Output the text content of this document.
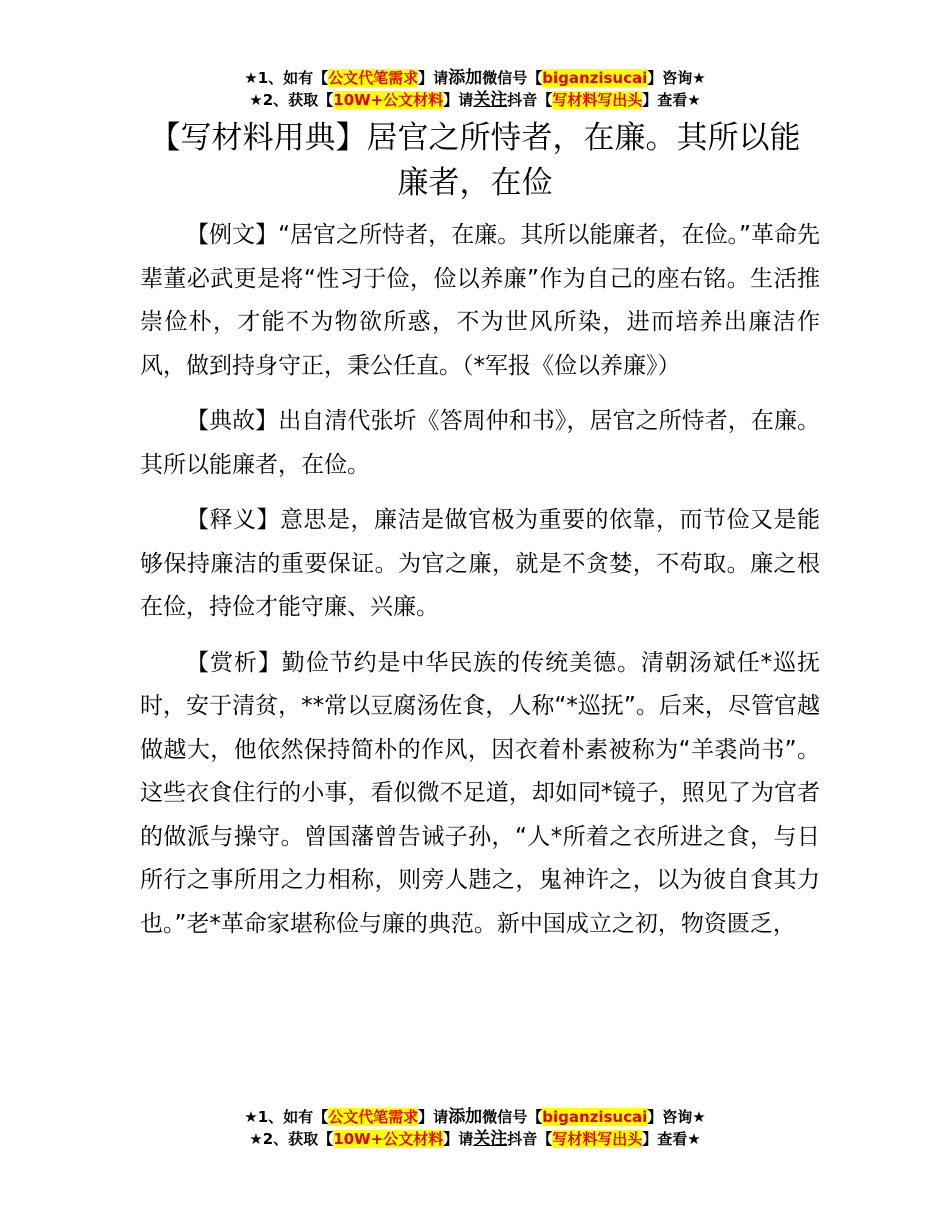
★1、如有【公文代笔需求】请添加微信号【biganzisucai】咨询★
★2、获取【10W+公文材料】请关注抖音【写材料写出头】查看★
【写材料用典】居官之所恃者，在廉。其所以能廉者，在俭

【例文】“居官之所恃者，在廉。其所以能廉者，在俭。”革命先辈董必武更是将“性习于俭，俭以养廉”作为自己的座右铭。生活推崇俭朴，才能不为物欲所惑，不为世风所染，进而培养出廉洁作风，做到持身守正，秉公任直。（*军报《俭以养廉》）

【典故】出自清代张圻《答周仲和书》，居官之所恃者，在廉。其所以能廉者，在俭。

【释义】意思是，廉洁是做官极为重要的依靠，而节俭又是能够保持廉洁的重要保证。为官之廉，就是不贪婪，不苟取。廉之根在俭，持俭才能守廉、兴廉。

【赏析】勤俭节约是中华民族的传统美德。清朝汤斌任*巡抚时，安于清贫，**常以豆腐汤佐食，人称“*巡抚”。后来，尽管官越做越大，他依然保持简朴的作风，因衣着朴素被称为“羊裘尚书”。这些衣食住行的小事，看似微不足道，却如同*镜子，照见了为官者的做派与操守。曾国藩曾告诫子孙，“人*所着之衣所进之食，与日所行之事所用之力相称，则旁人韪之，鬼神许之，以为彼自食其力也。”老*革命家堪称俭与廉的典范。新中国成立之初，物资匮乏，

★1、如有【公文代笔需求】请添加微信号【biganzisucai】咨询★
★2、获取【10W+公文材料】请关注抖音【写材料写出头】查看★
